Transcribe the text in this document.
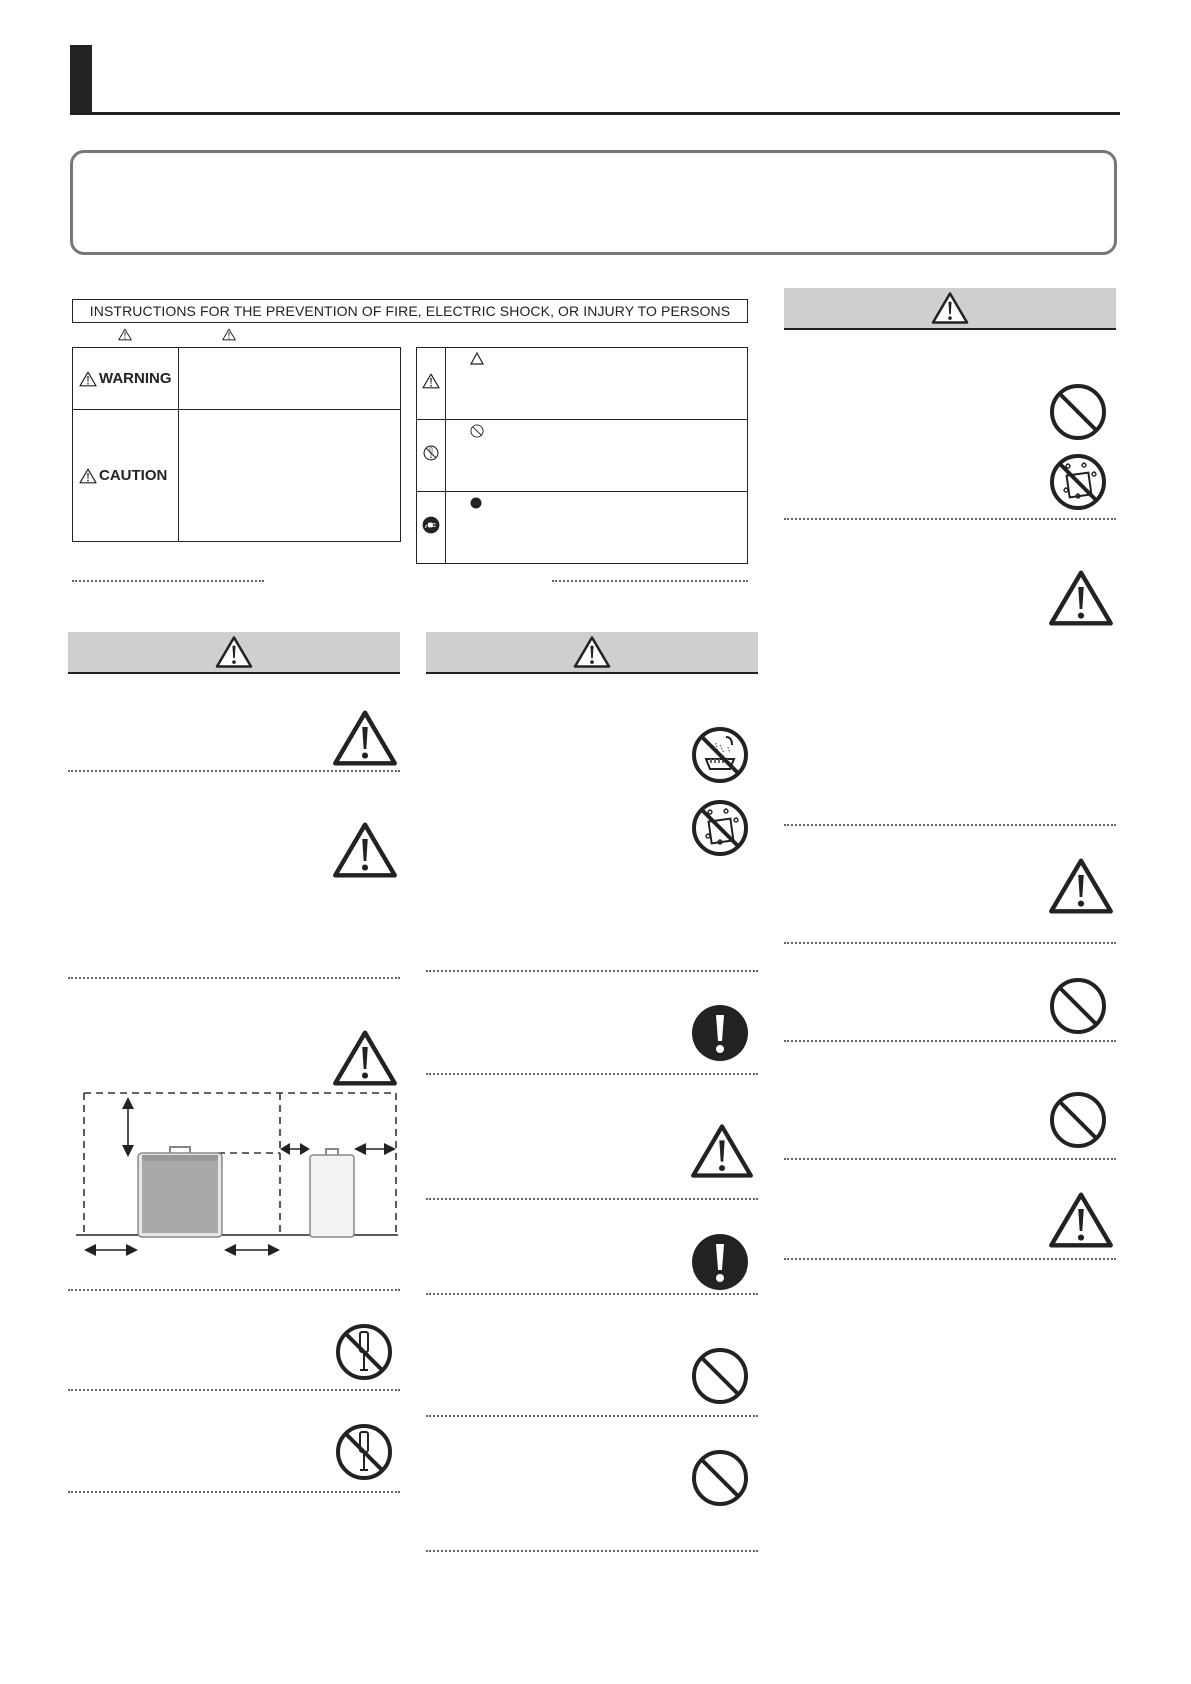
INSTRUCTIONS FOR THE PREVENTION OF FIRE, ELECTRIC SHOCK, OR INJURY TO PERSONS
WARNING	

CAUTION	
